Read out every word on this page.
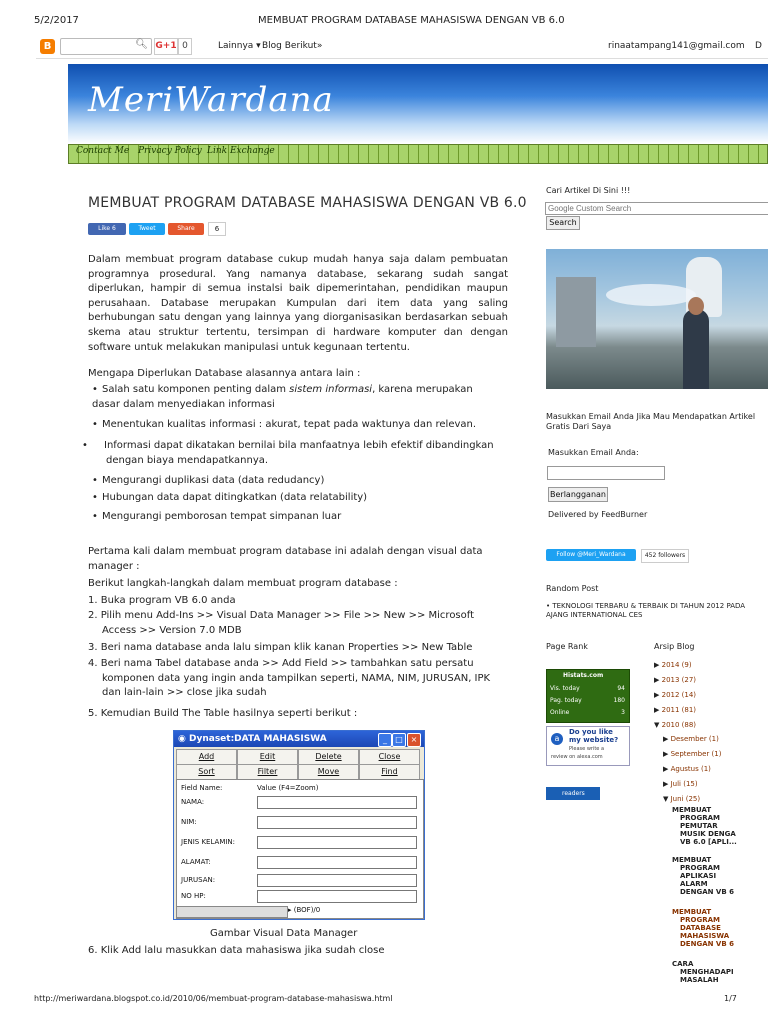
5/2/2017	MEMBUAT PROGRAM DATABASE MAHASISWA DENGAN VB 6.0
B	🔍︎ G+1 0	Lainnya ▾ Blog Berikut»	rinaatampang141@gmail.com D
MeriWardana
Contact Me Privacy Policy Link Exchange
MEMBUAT PROGRAM DATABASE MAHASISWA DENGAN VB 6.0
Like 6	Tweet	Share	6
Dalam membuat program database cukup mudah hanya saja dalam pembuatan programnya prosedural. Yang namanya database, sekarang sudah sangat diperlukan, hampir di semua instalsi baik dipemerintahan, pendidikan maupun perusahaan. Database merupakan Kumpulan dari item data yang saling berhubungan satu dengan yang lainnya yang diorganisasikan berdasarkan sebuah skema atau struktur tertentu, tersimpan di hardware komputer dan dengan software untuk melakukan manipulasi untuk kegunaan tertentu.
Mengapa Diperlukan Database alasannya antara lain :
• Salah satu komponen penting dalam sistem informasi, karena merupakan dasar dalam menyediakan informasi
• Menentukan kualitas informasi : akurat, tepat pada waktunya dan relevan.
• Informasi dapat dikatakan bernilai bila manfaatnya lebih efektif dibandingkan dengan biaya mendapatkannya.
• Mengurangi duplikasi data (data redudancy)
• Hubungan data dapat ditingkatkan (data relatability)
• Mengurangi pemborosan tempat simpanan luar
Pertama kali dalam membuat program database ini adalah dengan visual data manager :
Berikut langkah-langkah dalam membuat program database :
1. Buka program VB 6.0 anda
2. Pilih menu Add-Ins >> Visual Data Manager >> File >> New >> Microsoft Access >> Version 7.0 MDB
3. Beri nama database anda lalu simpan klik kanan Properties >> New Table
4. Beri nama Tabel database anda >> Add Field >> tambahkan satu persatu komponen data yang ingin anda tampilkan seperti, NAMA, NIM, JURUSAN, IPK dan lain-lain >> close jika sudah
5. Kemudian Build The Table hasilnya seperti berikut :
◉ Dynaset:DATA MAHASISWA	_	□ ×
Add	Edit	Delete	Close
Sort	Filter	Move	Find
Field Name:	Value (F4=Zoom)
NAMA:
NIM:
JENIS KELAMIN:
ALAMAT:
JURUSAN:
NO HP:
▸ (BOF)/0
Gambar Visual Data Manager
6. Klik Add lalu masukkan data mahasiswa jika sudah close
Cari Artikel Di Sini !!!
Google Custom Search
Search
Masukkan Email Anda Jika Mau Mendapatkan Artikel Gratis Dari Saya
Masukkan Email Anda:
Berlangganan
Delivered by FeedBurner
Follow @Meri_Wardana	452 followers
Random Post
• TEKNOLOGI TERBARU & TERBAIK DI TAHUN 2012 PADA AJANG INTERNATIONAL CES
Page Rank
Histats.com
Vis. today	94
Pag. today	180
Online	3
a
Do you like
my website?
Please write a
review on alexa.com
readers
Arsip Blog
▶ 2014 (9)
▶ 2013 (27)
▶ 2012 (14)
▶ 2011 (81)
▼ 2010 (88)
▶ Desember (1)
▶ September (1)
▶ Agustus (1)
▶ Juli (15)
▼ Juni (25)
MEMBUAT
PROGRAM
PEMUTAR
MUSIK DENGA
VB 6.0 [APLI...
MEMBUAT
PROGRAM
APLIKASI
ALARM
DENGAN VB 6
MEMBUAT
PROGRAM
DATABASE
MAHASISWA
DENGAN VB 6
CARA
MENGHADAPI
MASALAH
http://meriwardana.blogspot.co.id/2010/06/membuat-program-database-mahasiswa.html	1/7
